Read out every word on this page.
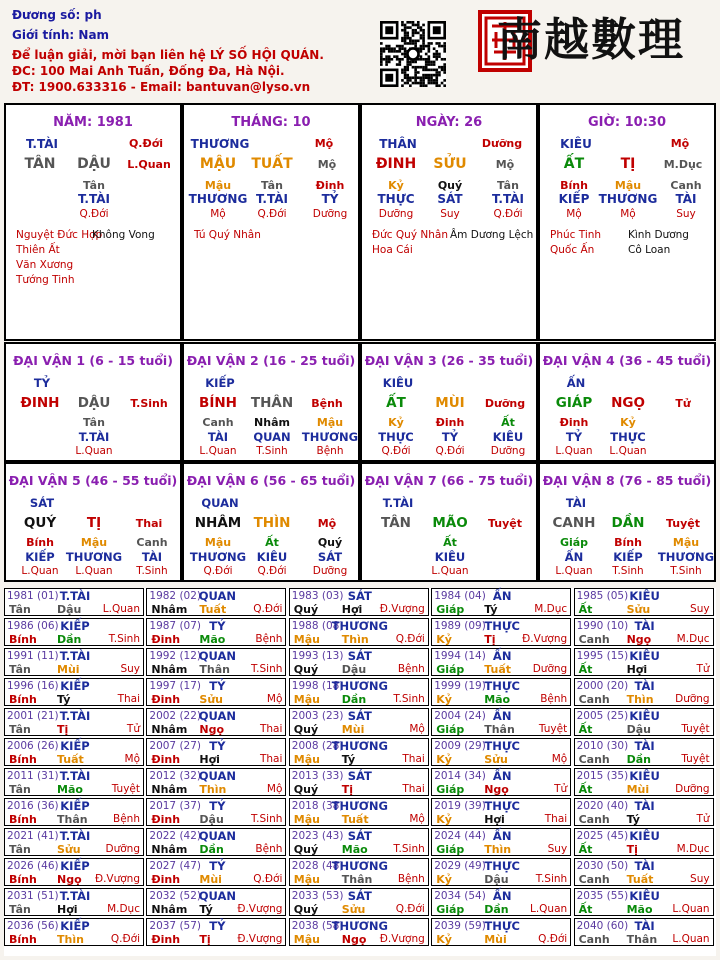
Đương số: ph
Giới tính: Nam
Để luận giải, mời bạn liên hệ LÝ SỐ HỘI QUÁN.
ĐC: 100 Mai Anh Tuấn, Đống Đa, Hà Nội.
ĐT: 1900.633316 - Email: bantuvan@lyso.vn
南越數理
NĂM: 1981
T.TÀI	Q.Đới
TÂN	DẬU	L.Quan
Tân
T.TÀI
Q.Đới
Nguyệt Đức Hợp
Thiên Ất
Văn Xương
Tướng Tinh
Không Vong
THÁNG: 10
THƯƠNG	Mộ
MẬU	TUẤT	Mộ
Mậu	Tân	Đinh
THƯƠNG T.TÀI	TỶ
Mộ	Q.Đới	Dưỡng
Tú Quý Nhân
NGÀY: 26
THÂN	Dưỡng
ĐINH	SỬU	Mộ
Kỷ	Quý	Tân
THỰC	SÁT	T.TÀI
Dưỡng	Suy	Q.Đới
Đức Quý Nhân
Hoa Cái
Âm Dương Lệch
GIỜ: 10:30
KIÊU	Mộ
ẤT	TỊ	M.Dục
Bính	Mậu	Canh
KIẾP THƯƠNG	TÀI
Mộ	Mộ	Suy
Phúc Tinh
Quốc Ấn
Kình Dương
Cô Loan
ĐẠI VẬN 1 (6 - 15 tuổi)
TỶ
ĐINH	DẬU	T.Sinh
Tân
T.TÀI
L.Quan
ĐẠI VẬN 2 (16 - 25 tuổi)
KIẾP
BÍNH	THÂN	Bệnh
Canh	Nhâm	Mậu
TÀI	QUAN THƯƠNG
L.Quan	T.Sinh	Bệnh
ĐẠI VẬN 3 (26 - 35 tuổi)
KIÊU
ẤT	MÙI	Dưỡng
Kỷ	Đinh	Ất
THỰC	TỶ	KIÊU
Q.Đới	Q.Đới	Dưỡng
ĐẠI VẬN 4 (36 - 45 tuổi)
ẤN
GIÁP	NGỌ	Tử
Đinh	Kỷ
TỶ	THỰC
L.Quan	L.Quan
ĐẠI VẬN 5 (46 - 55 tuổi)
SÁT
QUÝ	TỊ	Thai
Bính	Mậu	Canh
KIẾP THƯƠNG	TÀI
L.Quan	L.Quan	T.Sinh
ĐẠI VẬN 6 (56 - 65 tuổi)
QUAN
NHÂM THÌN	Mộ
Mậu	Ất	Quý
THƯƠNG KIÊU	SÁT
Q.Đới	Q.Đới	Dưỡng
ĐẠI VẬN 7 (66 - 75 tuổi)
T.TÀI
TÂN	MÃO	Tuyệt
Ất
KIÊU
L.Quan
ĐẠI VẬN 8 (76 - 85 tuổi)
TÀI
CANH	DẦN	Tuyệt
Giáp	Bính	Mậu
ẤN	KIẾP	THƯƠNG
L.Quan	T.Sinh	T.Sinh
1981 (01) T.TÀI
Tân Dậu L.Quan
1982 (02)
QUAN
Nhâm Tuất	Q.Đới
1983 (03) SÁT
Quý Hợi Đ.Vượng
1984 (04) ẤN
Giáp Tý	M.Dục
1985 (05) KIÊU
Ất	Sửu	Suy
1986 (06) KIẾP
Bính Dần	T.Sinh
1987 (07) TỶ
Đinh Mão	Bệnh
1988 (08)
THƯƠNG
Mậu Thìn	Q.Đới
1989 (09)
THỰC
Kỷ	Tị	Đ.Vượng
1990 (10) TÀI
Canh Ngọ M.Dục
1991 (11) T.TÀI
Tân Mùi	Suy
1992 (12)
QUAN
Nhâm Thân T.Sinh
1993 (13) SÁT
Quý Dậu	Bệnh
1994 (14) ẤN
Giáp Tuất Dưỡng
1995 (15) KIÊU
Ất	Hợi	Tử
1996 (16) KIẾP
Bính Tý	Thai
1997 (17) TỶ
Đinh Sửu	Mộ
1998 (18)
THƯƠNG
Mậu Dần	T.Sinh
1999 (19)
THỰC
Kỷ	Mão	Bệnh
2000 (20) TÀI
Canh Thìn Dưỡng
2001 (21) T.TÀI
Tân Tị	Tử
2002 (22)
QUAN
Nhâm Ngọ	Thai
2003 (23) SÁT
Quý Mùi	Mộ
2004 (24) ẤN
Giáp Thân Tuyệt
2005 (25) KIÊU
Ất	Dậu	Tuyệt
2006 (26) KIẾP
Bính Tuất	Mộ
2007 (27) TỶ
Đinh Hợi	Thai
2008 (28)
THƯƠNG
Mậu Tý	Thai
2009 (29)
THỰC
Kỷ	Sửu	Mộ
2010 (30) TÀI
Canh Dần	Tuyệt
2011 (31) T.TÀI
Tân Mão	Tuyệt
2012 (32)
QUAN
Nhâm Thìn	Mộ
2013 (33) SÁT
Quý Tị	Thai
2014 (34) ẤN
Giáp Ngọ	Tử
2015 (35) KIÊU
Ất	Mùi Dưỡng
2016 (36) KIẾP
Bính Thân Bệnh
2017 (37) TỶ
Đinh Dậu	T.Sinh
2018 (38)
THƯƠNG
Mậu Tuất	Mộ
2019 (39)
THỰC
Kỷ	Hợi	Thai
2020 (40) TÀI
Canh Tý	Tử
2021 (41) T.TÀI
Tân Sửu Dưỡng
2022 (42)
QUAN
Nhâm Dần	Bệnh
2023 (43) SÁT
Quý Mão T.Sinh
2024 (44) ẤN
Giáp Thìn	Suy
2025 (45) KIÊU
Ất	Tị	M.Dục
2026 (46) KIẾP
Bính Ngọ Đ.Vượng
2027 (47) TỶ
Đinh Mùi	Q.Đới
2028 (48)
THƯƠNG
Mậu Thân Bệnh
2029 (49)
THỰC
Kỷ	Dậu	T.Sinh
2030 (50) TÀI
Canh Tuất	Suy
2031 (51) T.TÀI
Tân Hợi	M.Dục
2032 (52)
QUAN
Nhâm Tý Đ.Vượng
2033 (53) SÁT
Quý Sửu	Q.Đới
2034 (54) ẤN
Giáp Dần L.Quan
2035 (55) KIÊU
Ất	Mão L.Quan
2036 (56) KIẾP
Bính Thìn	Q.Đới
2037 (57) TỶ
Đinh Tị	Đ.Vượng
2038 (58)
THƯƠNG
Mậu Ngọ Đ.Vượng
2039 (59)
THỰC
Kỷ	Mùi	Q.Đới
2040 (60) TÀI
Canh Thân L.Quan
